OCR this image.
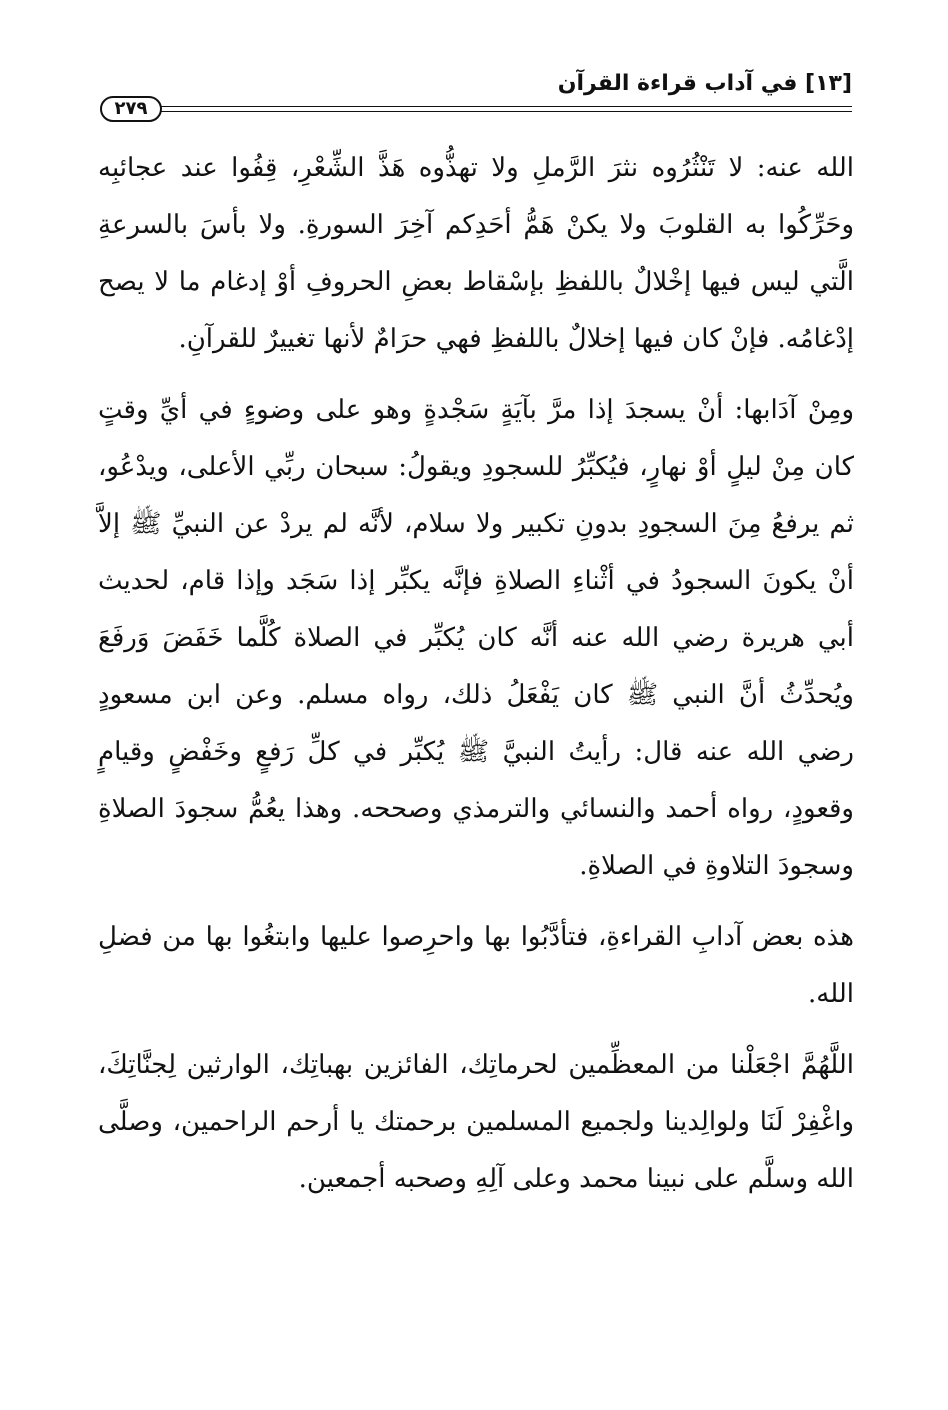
[١٣] في آداب قراءة القرآن
٢٧٩

الله عنه: لا تَنْثُرُوه نثرَ الرَّملِ ولا تهذُّوه هَذَّ الشِّعْرِ، قِفُوا عند عجائبِه وحَرِّكُوا به القلوبَ ولا يكنْ هَمُّ أحَدِكم آخِرَ السورةِ. ولا بأسَ بالسرعةِ الَّتي ليس فيها إخْلالٌ باللفظِ بإسْقاط بعضِ الحروفِ أوْ إدغام ما لا يصح إدْغامُه. فإنْ كان فيها إخلالٌ باللفظِ فهي حرَامٌ لأنها تغييرٌ للقرآنِ.

ومِنْ آدَابها: أنْ يسجدَ إذا مرَّ بآيَةٍ سَجْدةٍ وهو على وضوءٍ في أيِّ وقتٍ كان مِنْ ليلٍ أوْ نهارٍ، فيُكبِّرُ للسجودِ ويقولُ: سبحان ربِّي الأعلى، ويدْعُو، ثم يرفعُ مِنَ السجودِ بدونِ تكبير ولا سلام، لأنَّه لم يردْ عن النبيِّ ﷺ إلاَّ أنْ يكونَ السجودُ في أثْناءِ الصلاةِ فإنَّه يكبِّر إذا سَجَد وإذا قام، لحديث أبي هريرة رضي الله عنه أنَّه كان يُكبِّر في الصلاة كُلَّما خَفَضَ وَرفَعَ ويُحدِّثُ أنَّ النبي ﷺ كان يَفْعَلُ ذلك، رواه مسلم. وعن ابن مسعودٍ رضي الله عنه قال: رأيتُ النبيَّ ﷺ يُكبِّر في كلِّ رَفعٍ وخَفْضٍ وقيامٍ وقعودٍ، رواه أحمد والنسائي والترمذي وصححه. وهذا يعُمُّ سجودَ الصلاةِ وسجودَ التلاوةِ في الصلاةِ.

هذه بعض آدابِ القراءةِ، فتأدَّبُوا بها واحرِصوا عليها وابتغُوا بها من فضلِ الله.

اللَّهُمَّ اجْعَلْنا من المعظِّمين لحرماتِك، الفائزين بهباتِك، الوارثين لِجنَّاتِكَ، واغْفِرْ لَنَا ولوالِدينا ولجميع المسلمين برحمتك يا أرحم الراحمين، وصلَّى الله وسلَّم على نبينا محمد وعلى آلِهِ وصحبه أجمعين.
